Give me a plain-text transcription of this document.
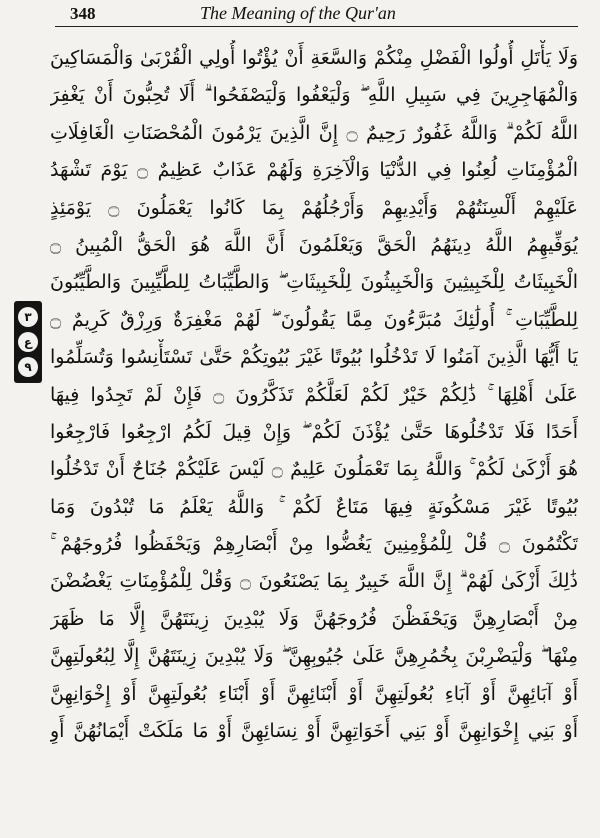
348	The Meaning of the Qur'an
٣
ع
٩
وَلَا يَأْتَلِ أُولُوا الْفَضْلِ مِنْكُمْ وَالسَّعَةِ أَنْ يُؤْتُوا أُولِي الْقُرْبَىٰ وَالْمَسَاكِينَ
وَالْمُهَاجِرِينَ فِي سَبِيلِ اللَّهِ ۖ وَلْيَعْفُوا وَلْيَصْفَحُوا ۗ أَلَا تُحِبُّونَ أَنْ يَغْفِرَ
اللَّهُ لَكُمْ ۗ وَاللَّهُ غَفُورٌ رَحِيمٌ ۝ إِنَّ الَّذِينَ يَرْمُونَ الْمُحْصَنَاتِ الْغَافِلَاتِ
الْمُؤْمِنَاتِ لُعِنُوا فِي الدُّنْيَا وَالْآخِرَةِ وَلَهُمْ عَذَابٌ عَظِيمٌ ۝ يَوْمَ تَشْهَدُ
عَلَيْهِمْ أَلْسِنَتُهُمْ وَأَيْدِيهِمْ وَأَرْجُلُهُمْ بِمَا كَانُوا يَعْمَلُونَ ۝ يَوْمَئِذٍ
يُوَفِّيهِمُ اللَّهُ دِينَهُمُ الْحَقَّ وَيَعْلَمُونَ أَنَّ اللَّهَ هُوَ الْحَقُّ الْمُبِينُ ۝
الْخَبِيثَاتُ لِلْخَبِيثِينَ وَالْخَبِيثُونَ لِلْخَبِيثَاتِ ۖ وَالطَّيِّبَاتُ لِلطَّيِّبِينَ وَالطَّيِّبُونَ
لِلطَّيِّبَاتِ ۚ أُولَٰئِكَ مُبَرَّءُونَ مِمَّا يَقُولُونَ ۖ لَهُمْ مَغْفِرَةٌ وَرِزْقٌ كَرِيمٌ ۝
يَا أَيُّهَا الَّذِينَ آمَنُوا لَا تَدْخُلُوا بُيُوتًا غَيْرَ بُيُوتِكُمْ حَتَّىٰ تَسْتَأْنِسُوا وَتُسَلِّمُوا
عَلَىٰ أَهْلِهَا ۚ ذَٰلِكُمْ خَيْرٌ لَكُمْ لَعَلَّكُمْ تَذَكَّرُونَ ۝ فَإِنْ لَمْ تَجِدُوا فِيهَا
أَحَدًا فَلَا تَدْخُلُوهَا حَتَّىٰ يُؤْذَنَ لَكُمْ ۖ وَإِنْ قِيلَ لَكُمُ ارْجِعُوا فَارْجِعُوا
هُوَ أَزْكَىٰ لَكُمْ ۚ وَاللَّهُ بِمَا تَعْمَلُونَ عَلِيمٌ ۝ لَيْسَ عَلَيْكُمْ جُنَاحٌ أَنْ تَدْخُلُوا
بُيُوتًا غَيْرَ مَسْكُونَةٍ فِيهَا مَتَاعٌ لَكُمْ ۚ وَاللَّهُ يَعْلَمُ مَا تُبْدُونَ وَمَا
تَكْتُمُونَ ۝ قُلْ لِلْمُؤْمِنِينَ يَغُضُّوا مِنْ أَبْصَارِهِمْ وَيَحْفَظُوا فُرُوجَهُمْ ۚ
ذَٰلِكَ أَزْكَىٰ لَهُمْ ۗ إِنَّ اللَّهَ خَبِيرٌ بِمَا يَصْنَعُونَ ۝ وَقُلْ لِلْمُؤْمِنَاتِ يَغْضُضْنَ
مِنْ أَبْصَارِهِنَّ وَيَحْفَظْنَ فُرُوجَهُنَّ وَلَا يُبْدِينَ زِينَتَهُنَّ إِلَّا مَا ظَهَرَ
مِنْهَا ۖ وَلْيَضْرِبْنَ بِخُمُرِهِنَّ عَلَىٰ جُيُوبِهِنَّ ۖ وَلَا يُبْدِينَ زِينَتَهُنَّ إِلَّا لِبُعُولَتِهِنَّ
أَوْ آبَائِهِنَّ أَوْ آبَاءِ بُعُولَتِهِنَّ أَوْ أَبْنَائِهِنَّ أَوْ أَبْنَاءِ بُعُولَتِهِنَّ أَوْ إِخْوَانِهِنَّ
أَوْ بَنِي إِخْوَانِهِنَّ أَوْ بَنِي أَخَوَاتِهِنَّ أَوْ نِسَائِهِنَّ أَوْ مَا مَلَكَتْ أَيْمَانُهُنَّ أَوِ
